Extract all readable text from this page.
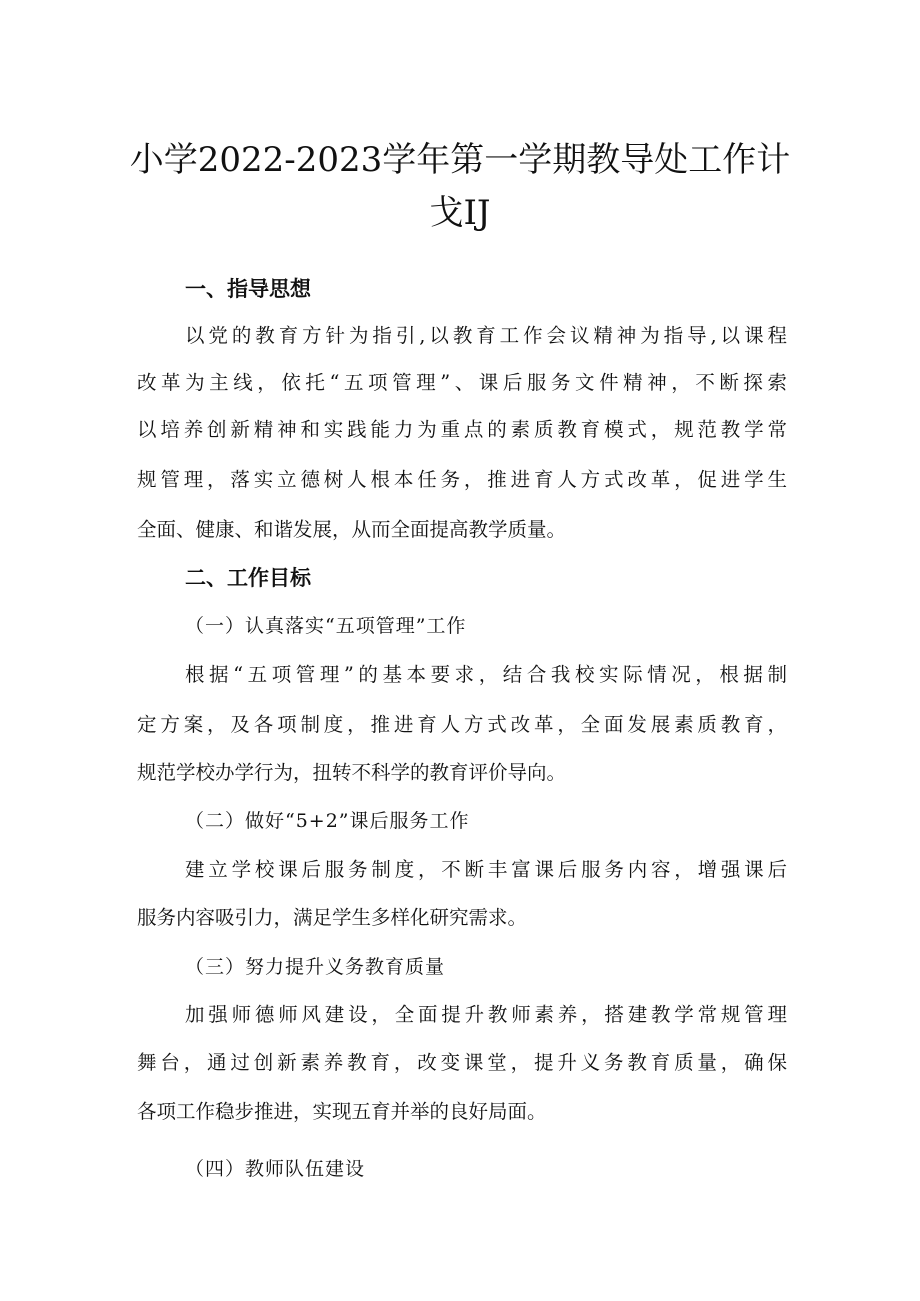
小学2022-2023学年第一学期教导处工作计
戈IJ
一、指导思想
以党的教育方针为指引,以教育工作会议精神为指导,以课程
改革为主线，依托“五项管理”、课后服务文件精神，不断探索
以培养创新精神和实践能力为重点的素质教育模式，规范教学常
规管理，落实立德树人根本任务，推进育人方式改革，促进学生
全面、健康、和谐发展，从而全面提高教学质量。
二、工作目标
（一）认真落实“五项管理”工作
根据“五项管理”的基本要求，结合我校实际情况，根据制
定方案，及各项制度，推进育人方式改革，全面发展素质教育，
规范学校办学行为，扭转不科学的教育评价导向。
（二）做好“5+2”课后服务工作
建立学校课后服务制度，不断丰富课后服务内容，增强课后
服务内容吸引力，满足学生多样化研究需求。
（三）努力提升义务教育质量
加强师德师风建设，全面提升教师素养，搭建教学常规管理
舞台，通过创新素养教育，改变课堂，提升义务教育质量，确保
各项工作稳步推进，实现五育并举的良好局面。
（四）教师队伍建设
